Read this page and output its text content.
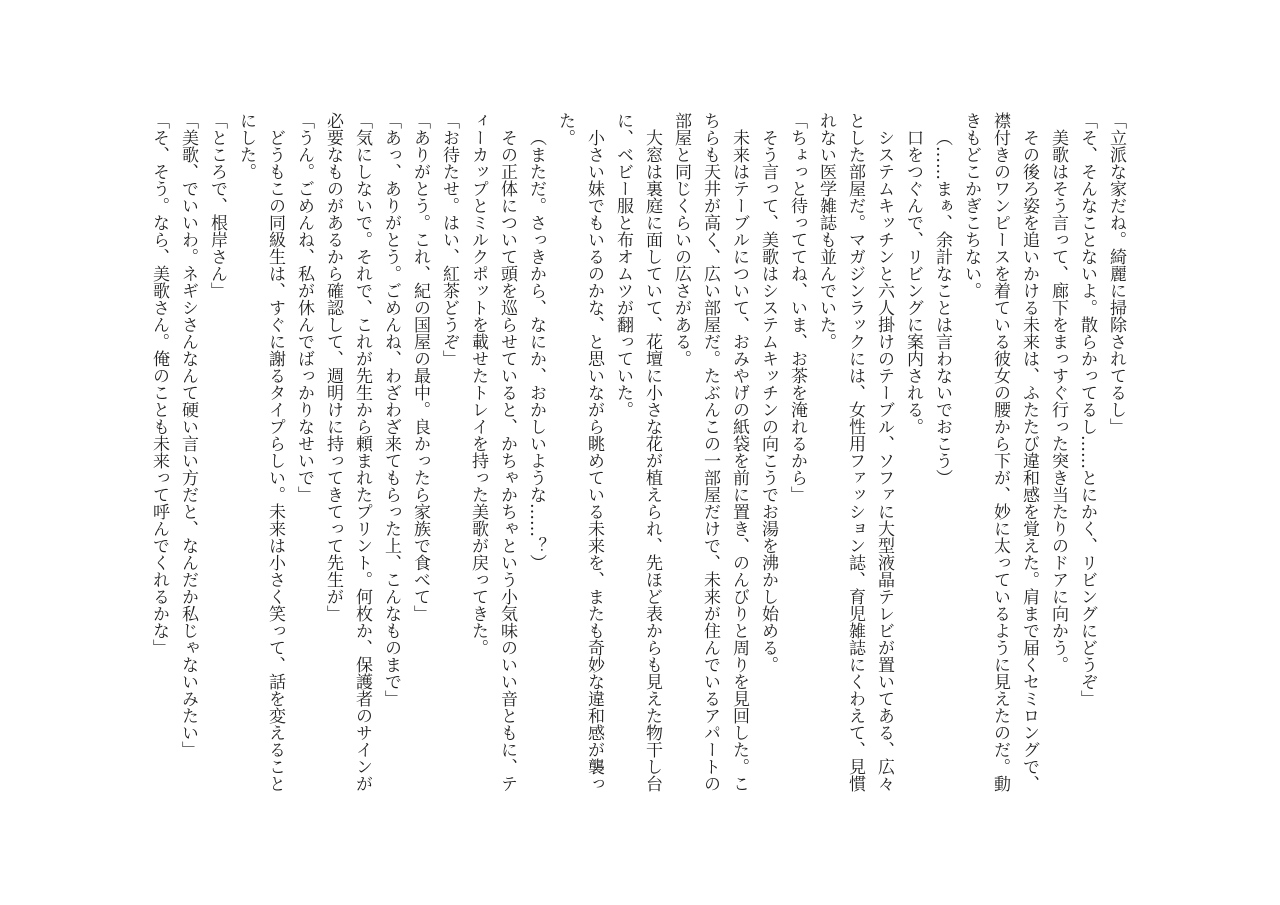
「立派な家だね。綺麗に掃除されてるし」

「そ、そんなことないよ。散らかってるし……とにかく、リビングにどうぞ」

美歌はそう言って、廊下をまっすぐ行った突き当たりのドアに向かう。

その後ろ姿を追いかける未来は、ふたたび違和感を覚えた。肩まで届くセミロングで、襟付きのワンピースを着ている彼女の腰から下が、妙に太っているように見えたのだ。動きもどこかぎこちない。

（……まぁ、余計なことは言わないでおこう）

口をつぐんで、リビングに案内される。

システムキッチンと六人掛けのテーブル、ソファに大型液晶テレビが置いてある、広々とした部屋だ。マガジンラックには、女性用ファッション誌、育児雑誌にくわえて、見慣れない医学雑誌も並んでいた。

「ちょっと待っててね、いま、お茶を淹れるから」

そう言って、美歌はシステムキッチンの向こうでお湯を沸かし始める。

未来はテーブルについて、おみやげの紙袋を前に置き、のんびりと周りを見回した。こちらも天井が高く、広い部屋だ。たぶんこの一部屋だけで、未来が住んでいるアパートの部屋と同じくらいの広さがある。

大窓は裏庭に面していて、花壇に小さな花が植えられ、先ほど表からも見えた物干し台に、ベビー服と布オムツが翻っていた。

小さい妹でもいるのかな、と思いながら眺めている未来を、またも奇妙な違和感が襲った。

（まただ。さっきから、なにか、おかしいような……？）

その正体について頭を巡らせていると、かちゃかちゃという小気味のいい音ともに、ティーカップとミルクポットを載せたトレイを持った美歌が戻ってきた。

「お待たせ。はい、紅茶どうぞ」

「ありがとう。これ、紀の国屋の最中。良かったら家族で食べて」

「あっ、ありがとう。ごめんね、わざわざ来てもらった上、こんなものまで」

「気にしないで。それで、これが先生から頼まれたプリント。何枚か、保護者のサインが必要なものがあるから確認して、週明けに持ってきてって先生が」

「うん。ごめんね、私が休んでばっかりなせいで」

どうもこの同級生は、すぐに謝るタイプらしい。未来は小さく笑って、話を変えることにした。

「ところで、根岸さん」

「美歌、でいいわ。ネギシさんなんて硬い言い方だと、なんだか私じゃないみたい」

「そ、そう。なら、美歌さん。俺のことも未来って呼んでくれるかな」
